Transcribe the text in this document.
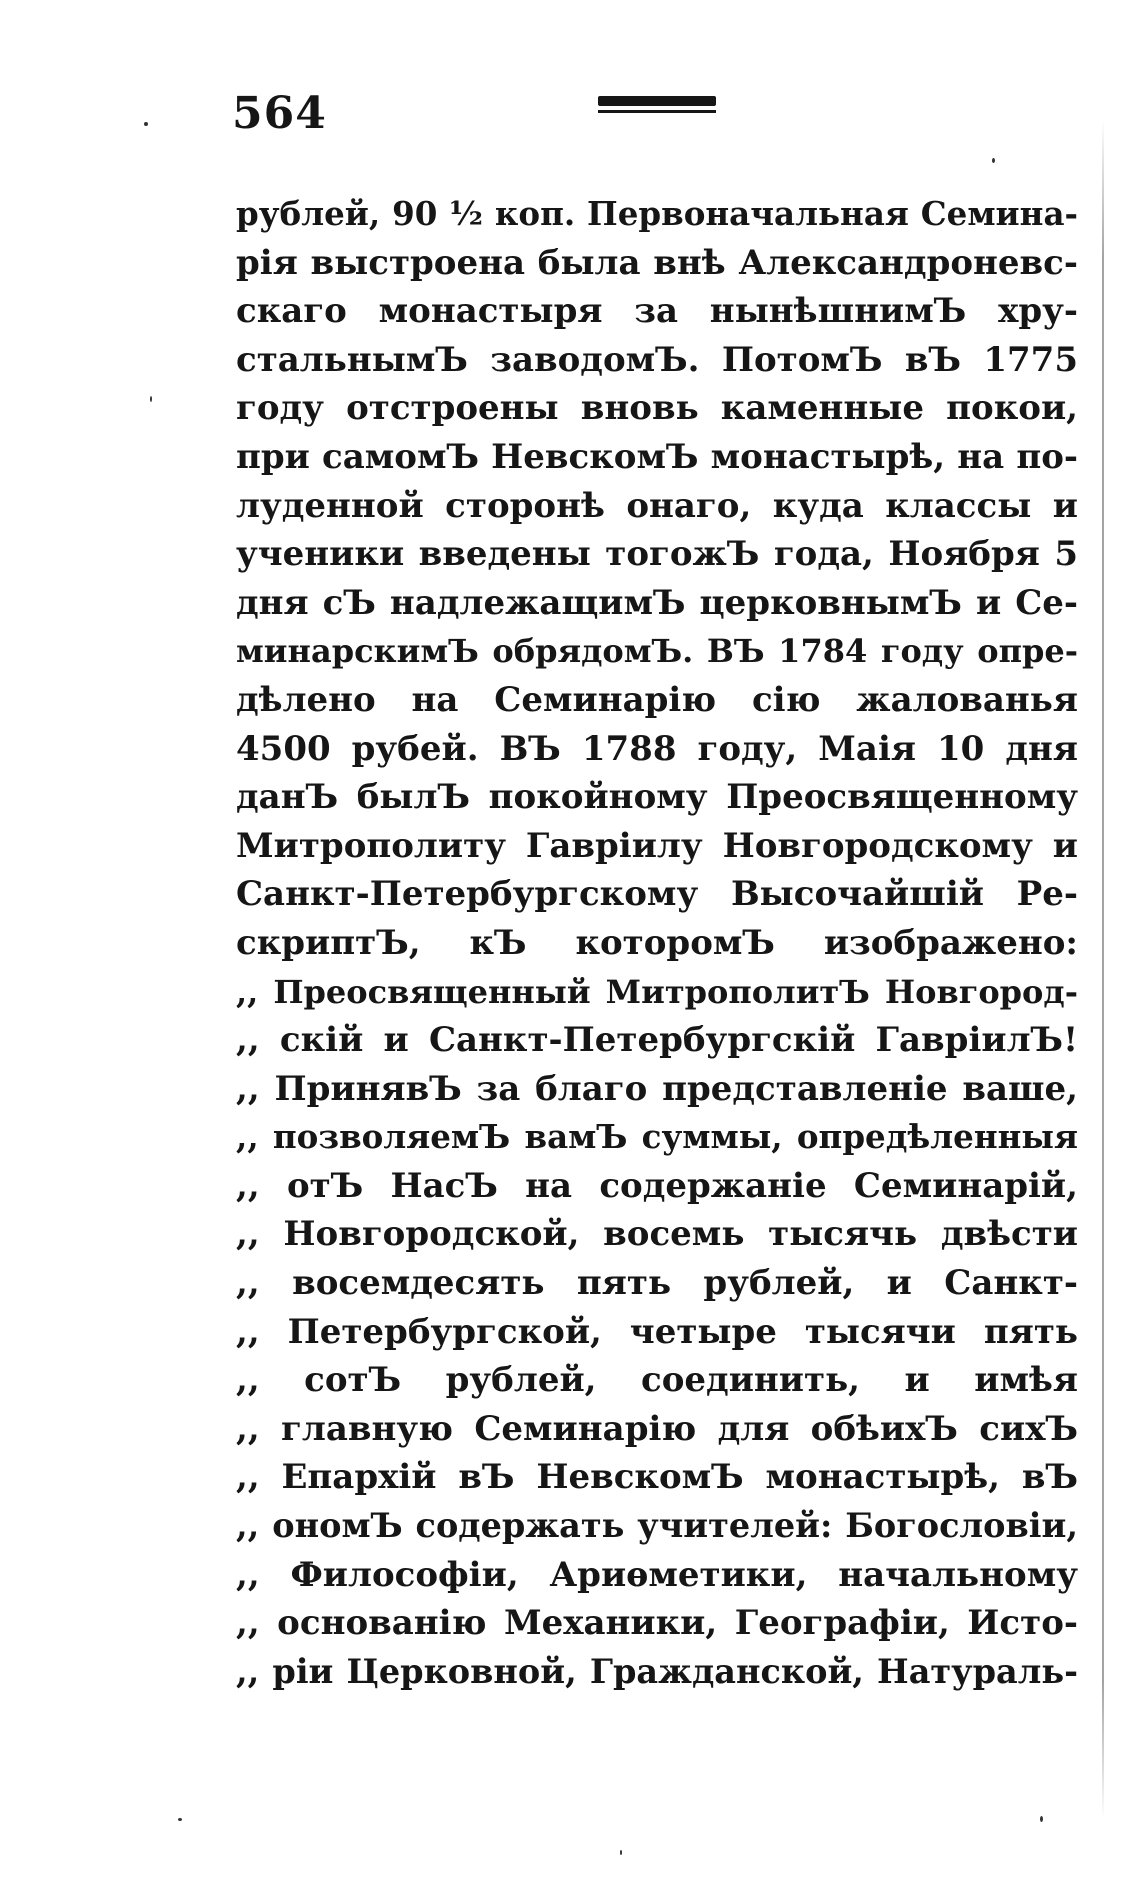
564
рублей, 90 ½ коп. Первоначальная Семина-
рія выстроена была внѣ Александроневс-
скаго монастыря за нынѣшнимЪ хру-
стальнымЪ заводомЪ. ПотомЪ вЪ 1775
году отстроены вновь каменные покои,
при самомЪ НевскомЪ монастырѣ, на по-
луденной сторонѣ онаго, куда классы и
ученики введены тогожЪ года, Ноября 5
дня сЪ надлежащимЪ церковнымЪ и Се-
минарскимЪ обрядомЪ. ВЪ 1784 году опре-
дѣлено на Семинарію сію жалованья
4500 рубей. ВЪ 1788 году, Маія 10 дня
данЪ былЪ покойному Преосвященному
Митрополиту Гавріилу Новгородскому и
Санкт-Петербургскому Высочайшій Ре-
скриптЪ, кЪ которомЪ изображено:
,, Преосвященный МитрополитЪ Новгород-
,, скій и Санкт-Петербургскій ГавріилЪ!
,, ПринявЪ за благо представленіе ваше,
,, позволяемЪ вамЪ суммы, опредѣленныя
,, отЪ НасЪ на содержаніе Семинарій,
,, Новгородской, восемь тысячь двѣсти
,, восемдесять пять рублей, и Санкт-
,, Петербургской, четыре тысячи пять
,, сотЪ рублей, соединить, и имѣя
,, главную Семинарію для обѣихЪ сихЪ
,, Епархій вЪ НевскомЪ монастырѣ, вЪ
,, ономЪ содержать учителей: Богословіи,
,, Философіи, Ариѳметики, начальному
,, основанію Механики, Географіи, Исто-
,, ріи Церковной, Гражданской, Натураль-
